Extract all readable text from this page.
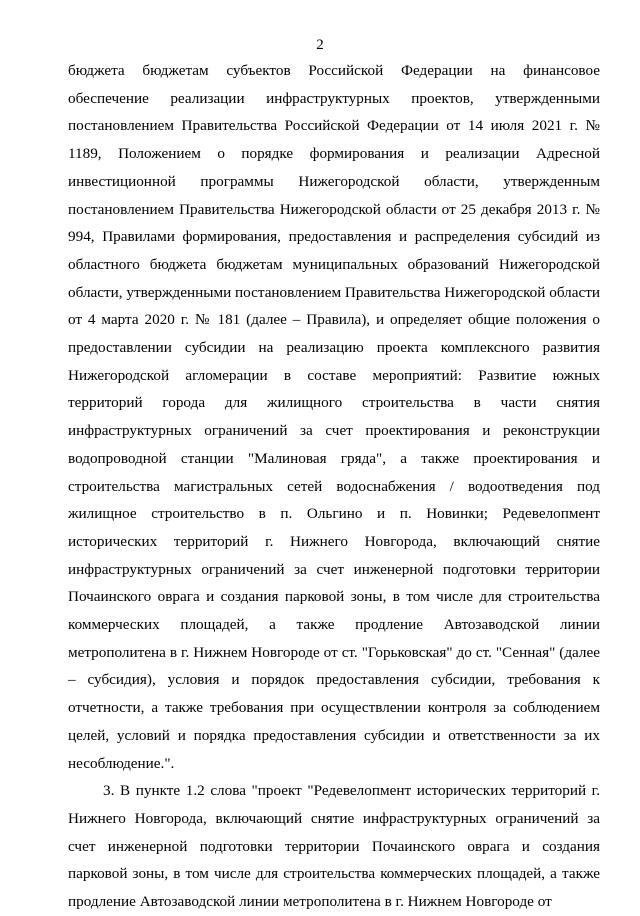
2

бюджета бюджетам субъектов Российской Федерации на финансовое обеспечение реализации инфраструктурных проектов, утвержденными постановлением Правительства Российской Федерации от 14 июля 2021 г. № 1189, Положением о порядке формирования и реализации Адресной инвестиционной программы Нижегородской области, утвержденным постановлением Правительства Нижегородской области от 25 декабря 2013 г. № 994, Правилами формирования, предоставления и распределения субсидий из областного бюджета бюджетам муниципальных образований Нижегородской области, утвержденными постановлением Правительства Нижегородской области от 4 марта 2020 г. № 181 (далее – Правила), и определяет общие положения о предоставлении субсидии на реализацию проекта комплексного развития Нижегородской агломерации в составе мероприятий: Развитие южных территорий города для жилищного строительства в части снятия инфраструктурных ограничений за счет проектирования и реконструкции водопроводной станции "Малиновая гряда", а также проектирования и строительства магистральных сетей водоснабжения / водоотведения под жилищное строительство в п. Ольгино и п. Новинки; Редевелопмент исторических территорий г. Нижнего Новгорода, включающий снятие инфраструктурных ограничений за счет инженерной подготовки территории Почаинского оврага и создания парковой зоны, в том числе для строительства коммерческих площадей, а также продление Автозаводской линии метрополитена в г. Нижнем Новгороде от ст. "Горьковская" до ст. "Сенная" (далее – субсидия), условия и порядок предоставления субсидии, требования к отчетности, а также требования при осуществлении контроля за соблюдением целей, условий и порядка предоставления субсидии и ответственности за их несоблюдение.".

3. В пункте 1.2 слова "проект "Редевелопмент исторических территорий г. Нижнего Новгорода, включающий снятие инфраструктурных ограничений за счет инженерной подготовки территории Почаинского оврага и создания парковой зоны, в том числе для строительства коммерческих площадей, а также продление Автозаводской линии метрополитена в г. Нижнем Новгороде от
